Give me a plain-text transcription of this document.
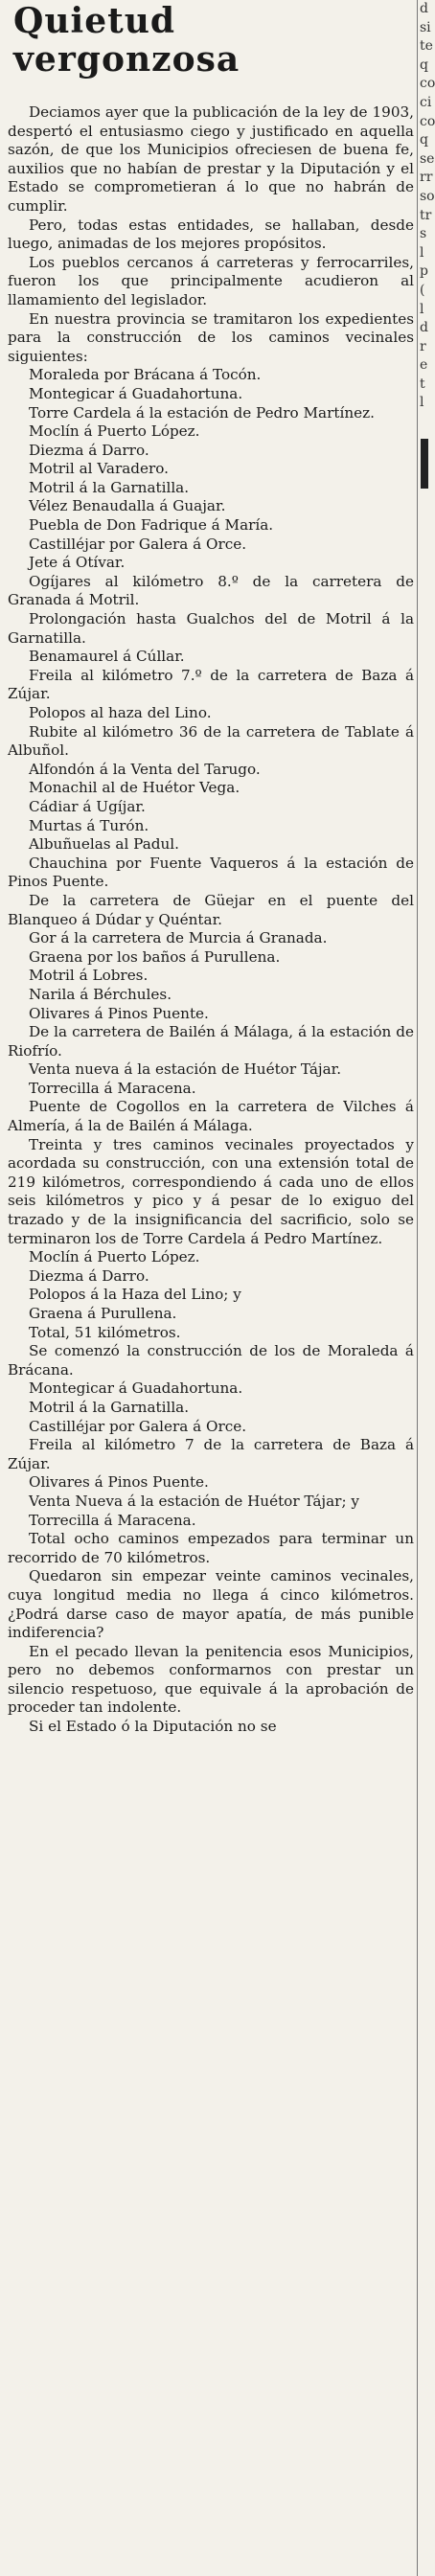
Quietud vergonzosa

Deciamos ayer que la publicación de la ley de 1903, despertó el entusiasmo ciego y justificado en aquella sazón, de que los Municipios ofreciesen de buena fe, auxilios que no habían de prestar y la Diputación y el Estado se comprometieran á lo que no habrán de cumplir.

Pero, todas estas entidades, se hallaban, desde luego, animadas de los mejores propósitos.

Los pueblos cercanos á carreteras y ferrocarriles, fueron los que principalmente acudieron al llamamiento del legislador.

En nuestra provincia se tramitaron los expedientes para la construcción de los caminos vecinales siguientes:

Moraleda por Brácana á Tocón.

Montegicar á Guadahortuna.

Torre Cardela á la estación de Pedro Martínez.

Moclín á Puerto López.

Diezma á Darro.

Motril al Varadero.

Motril á la Garnatilla.

Vélez Benaudalla á Guajar.

Puebla de Don Fadrique á María.

Castilléjar por Galera á Orce.

Jete á Otívar.

Ogíjares al kilómetro 8.º de la carretera de Granada á Motril.

Prolongación hasta Gualchos del de Motril á la Garnatilla.

Benamaurel á Cúllar.

Freila al kilómetro 7.º de la carretera de Baza á Zújar.

Polopos al haza del Lino.

Rubite al kilómetro 36 de la carretera de Tablate á Albuñol.

Alfondón á la Venta del Tarugo.

Monachil al de Huétor Vega.

Cádiar á Ugíjar.

Murtas á Turón.

Albuñuelas al Padul.

Chauchina por Fuente Vaqueros á la estación de Pinos Puente.

De la carretera de Güejar en el puente del Blanqueo á Dúdar y Quéntar.

Gor á la carretera de Murcia á Granada.

Graena por los baños á Purullena.

Motril á Lobres.

Narila á Bérchules.

Olivares á Pinos Puente.

De la carretera de Bailén á Málaga, á la estación de Riofrío.

Venta nueva á la estación de Huétor Tájar.

Torrecilla á Maracena.

Puente de Cogollos en la carretera de Vilches á Almería, á la de Bailén á Málaga.

Treinta y tres caminos vecinales proyectados y acordada su construcción, con una extensión total de 219 kilómetros, correspondiendo á cada uno de ellos seis kilómetros y pico y á pesar de lo exiguo del trazado y de la insignificancia del sacrificio, solo se terminaron los de Torre Cardela á Pedro Martínez.

Moclín á Puerto López.

Diezma á Darro.

Polopos á la Haza del Lino; y

Graena á Purullena.

Total, 51 kilómetros.

Se comenzó la construcción de los de Moraleda á Brácana.

Montegicar á Guadahortuna.

Motril á la Garnatilla.

Castilléjar por Galera á Orce.

Freila al kilómetro 7 de la carretera de Baza á Zújar.

Olivares á Pinos Puente.

Venta Nueva á la estación de Huétor Tájar; y

Torrecilla á Maracena.

Total ocho caminos empezados para terminar un recorrido de 70 kilómetros.

Quedaron sin empezar veinte caminos vecinales, cuya longitud media no llega á cinco kilómetros. ¿Podrá darse caso de mayor apatía, de más punible indiferencia?

En el pecado llevan la penitencia esos Municipios, pero no debemos conformarnos con prestar un silencio respetuoso, que equivale á la aprobación de proceder tan indolente.

Si el Estado ó la Diputación no se

d
si
te
q
co
ci
co
q
se
rr
so
tr
s
l
p
(
l
d
r
e
t
l
